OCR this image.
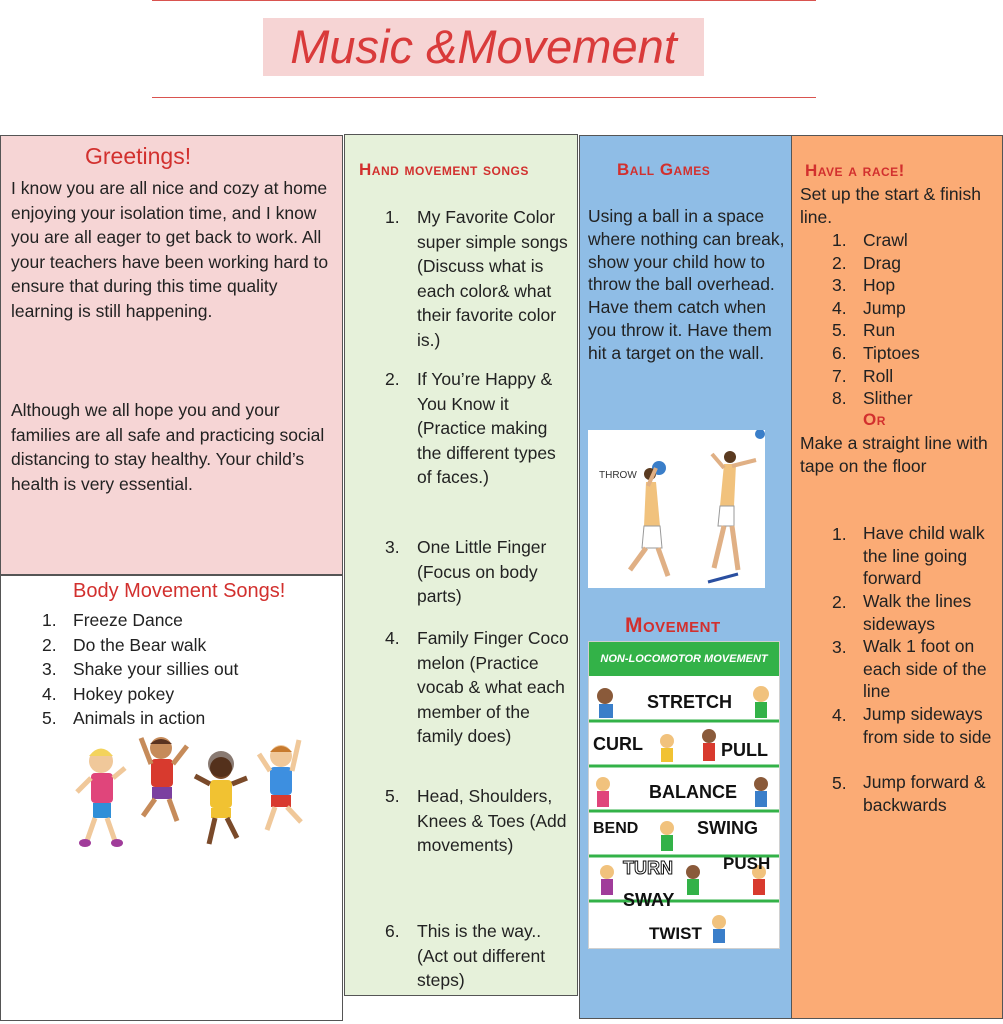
Music &Movement
Greetings!
I know you are all nice and cozy at home enjoying your isolation time, and I know you are all eager to get back to work. All your teachers have been working hard to ensure that during this time quality learning is still happening.
Although we all hope you and your families are all safe and practicing social distancing to stay healthy. Your child’s health is very essential.
Body Movement Songs!
1. Freeze Dance
2. Do the Bear walk
3. Shake your sillies out
4. Hokey pokey
5. Animals in action
Hand movement songs
1. My Favorite Color super simple songs (Discuss what is each color& what their favorite color is.)
2. If You’re Happy & You Know it (Practice making the different types of faces.)
3. One Little Finger (Focus on body parts)
4. Family Finger Coco melon (Practice vocab & what each member of the family does)
5. Head, Shoulders, Knees & Toes (Add movements)
6. This is the way.. (Act out different steps)
Ball Games
Using a ball in a space where nothing can break, show your child how to throw the ball overhead. Have them catch when you throw it. Have them hit a target on the wall.
THROW
Movement
NON-LOCOMOTOR MOVEMENT
STRETCH
CURL	PULL
BALANCE
BEND	SWING
TURN	PUSH
SWAY
TWIST
Have a race!
Set up the start & finish line.
1. Crawl
2. Drag
3. Hop
4. Jump
5. Run
6. Tiptoes
7. Roll
8. Slither
Or
Make a straight line with tape on the floor
1. Have child walk the line going forward
2. Walk the lines sideways
3. Walk 1 foot on each side of the line
4. Jump sideways from side to side
5. Jump forward & backwards
